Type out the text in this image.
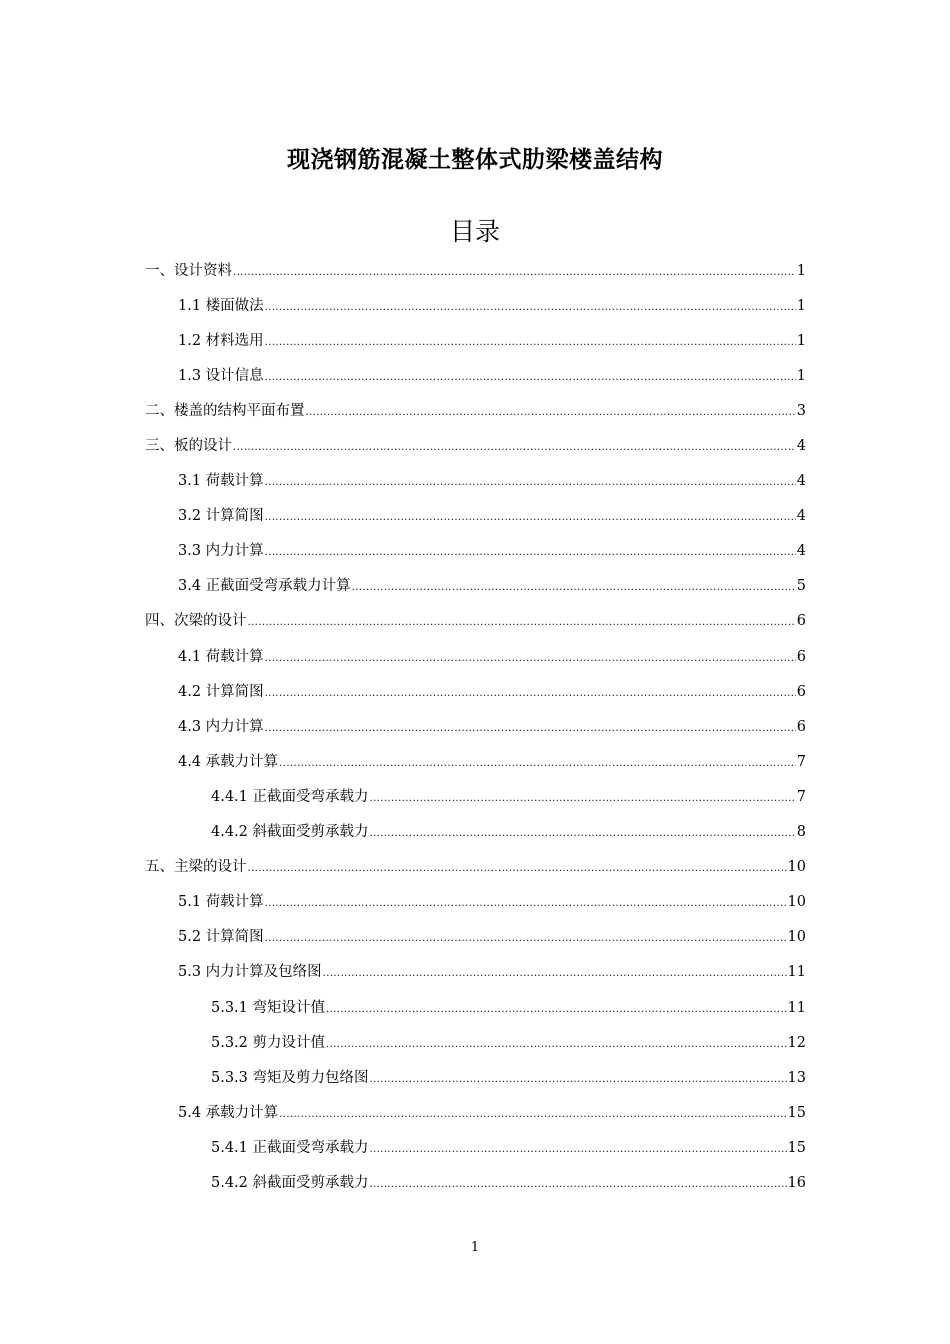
现浇钢筋混凝土整体式肋梁楼盖结构
目录
一、设计资料 .....	1
1.1 楼面做法 .....	1
1.2 材料选用 .....	1
1.3 设计信息 .....	1
二、楼盖的结构平面布置 .....	3
三、板的设计 .....	4
3.1 荷载计算 .....	4
3.2 计算简图 .....	4
3.3 内力计算 .....	4
3.4 正截面受弯承载力计算 .....	5
四、次梁的设计 .....	6
4.1 荷载计算 .....	6
4.2 计算简图 .....	6
4.3 内力计算 .....	6
4.4 承载力计算 .....	7
4.4.1 正截面受弯承载力 .....	7
4.4.2 斜截面受剪承载力 .....	8
五、主梁的设计 .....	10
5.1 荷载计算 .....	10
5.2 计算简图 .....	10
5.3 内力计算及包络图 .....	11
5.3.1 弯矩设计值 .....	11
5.3.2 剪力设计值 .....	12
5.3.3 弯矩及剪力包络图 .....	13
5.4 承载力计算 .....	15
5.4.1 正截面受弯承载力 .....	15
5.4.2 斜截面受剪承载力 .....	16
1
